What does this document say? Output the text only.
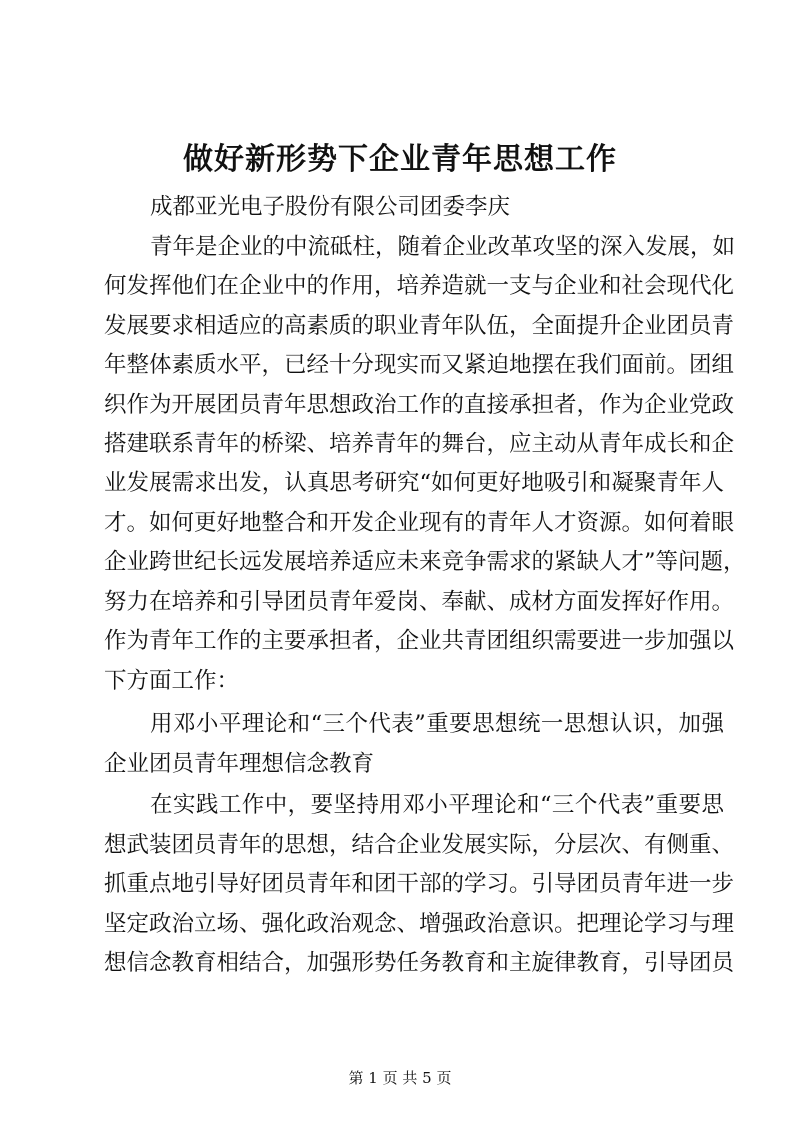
做好新形势下企业青年思想工作
成都亚光电子股份有限公司团委李庆
青年是企业的中流砥柱，随着企业改革攻坚的深入发展，如
何发挥他们在企业中的作用，培养造就一支与企业和社会现代化
发展要求相适应的高素质的职业青年队伍，全面提升企业团员青
年整体素质水平，已经十分现实而又紧迫地摆在我们面前。团组
织作为开展团员青年思想政治工作的直接承担者，作为企业党政
搭建联系青年的桥梁、培养青年的舞台，应主动从青年成长和企
业发展需求出发，认真思考研究“如何更好地吸引和凝聚青年人
才。如何更好地整合和开发企业现有的青年人才资源。如何着眼
企业跨世纪长远发展培养适应未来竞争需求的紧缺人才”等问题，
努力在培养和引导团员青年爱岗、奉献、成材方面发挥好作用。
作为青年工作的主要承担者，企业共青团组织需要进一步加强以
下方面工作：
用邓小平理论和“三个代表”重要思想统一思想认识，加强
企业团员青年理想信念教育
在实践工作中，要坚持用邓小平理论和“三个代表”重要思
想武装团员青年的思想，结合企业发展实际，分层次、有侧重、
抓重点地引导好团员青年和团干部的学习。引导团员青年进一步
坚定政治立场、强化政治观念、增强政治意识。把理论学习与理
想信念教育相结合，加强形势任务教育和主旋律教育，引导团员
第 1 页 共 5 页
